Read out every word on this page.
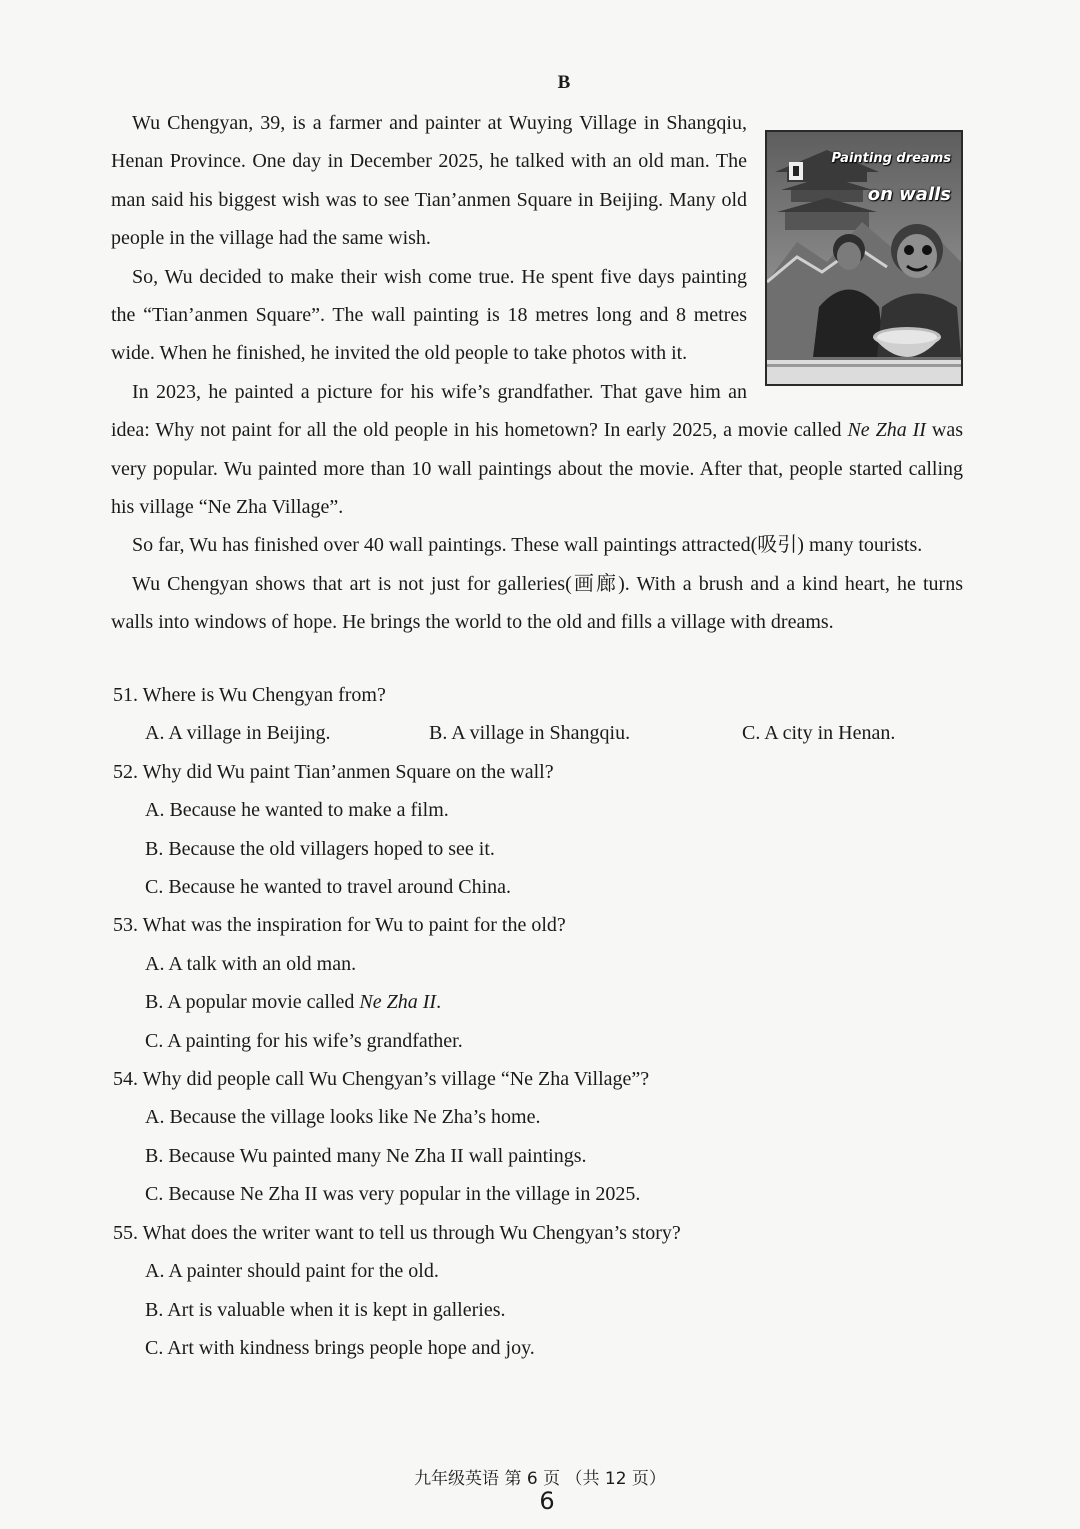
B
Painting dreams
on walls

Wu Chengyan, 39, is a farmer and painter at Wuying Village in Shangqiu, Henan Province. One day in December 2025, he talked with an old man. The man said his biggest wish was to see Tian’anmen Square in Beijing. Many old people in the village had the same wish.

So, Wu decided to make their wish come true. He spent five days painting the “Tian’anmen Square”. The wall painting is 18 metres long and 8 metres wide. When he finished, he invited the old people to take photos with it.

In 2023, he painted a picture for his wife’s grandfather. That gave him an idea: Why not paint for all the old people in his hometown? In early 2025, a movie called Ne Zha II was very popular. Wu painted more than 10 wall paintings about the movie. After that, people started calling his village “Ne Zha Village”.

So far, Wu has finished over 40 wall paintings. These wall paintings attracted(吸引) many tourists.

Wu Chengyan shows that art is not just for galleries(画廊). With a brush and a kind heart, he turns walls into windows of hope. He brings the world to the old and fills a village with dreams.

51. Where is Wu Chengyan from?

A. A village in Beijing.	B. A village in Shangqiu.	C. A city in Henan.

52. Why did Wu paint Tian’anmen Square on the wall?

A. Because he wanted to make a film.

B. Because the old villagers hoped to see it.

C. Because he wanted to travel around China.

53. What was the inspiration for Wu to paint for the old?

A. A talk with an old man.

B. A popular movie called Ne Zha II.

C. A painting for his wife’s grandfather.

54. Why did people call Wu Chengyan’s village “Ne Zha Village”?

A. Because the village looks like Ne Zha’s home.

B. Because Wu painted many Ne Zha II wall paintings.

C. Because Ne Zha II was very popular in the village in 2025.

55. What does the writer want to tell us through Wu Chengyan’s story?

A. A painter should paint for the old.

B. Art is valuable when it is kept in galleries.

C. Art with kindness brings people hope and joy.

九年级英语 第 6 页 （共 12 页）
6
